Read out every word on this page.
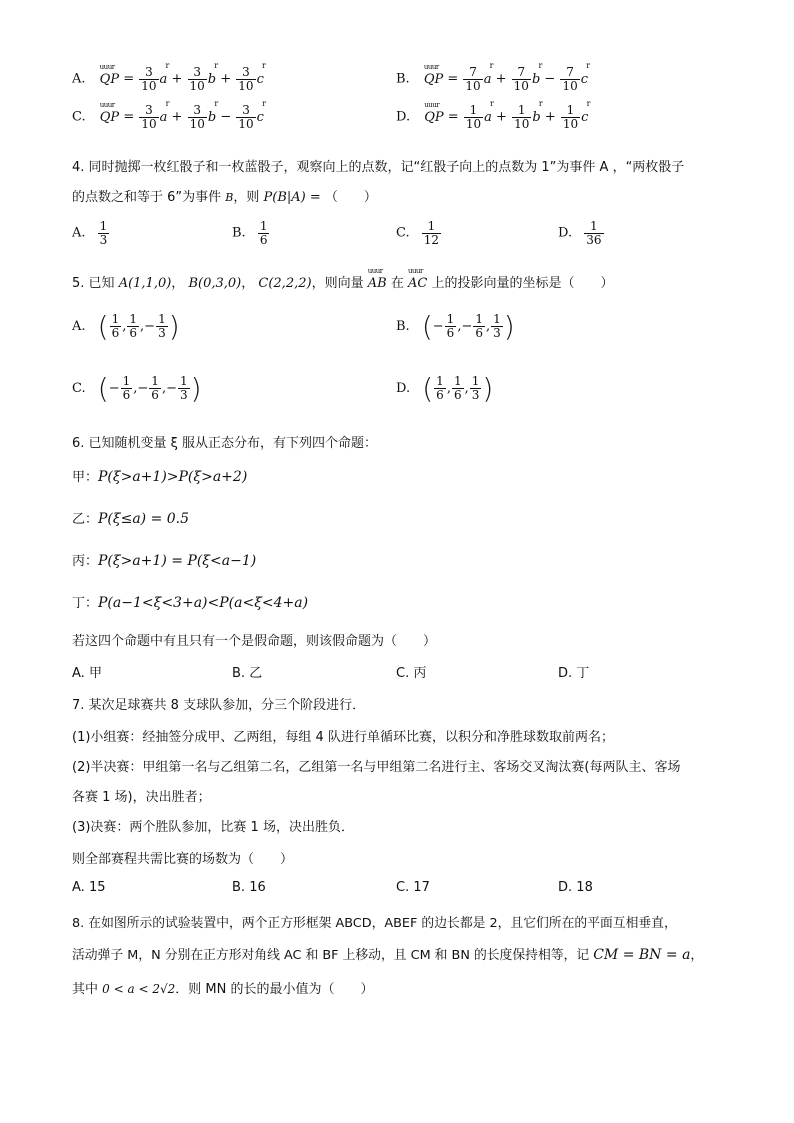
A.
uuur
QP = $\frac{3}{10}$
r
$a + \frac{3}{10}$
r
$b + \frac{3}{10}$
r
c	B.
uuur
QP = $\frac{7}{10}$
r
$a + \frac{7}{10}$
r
$b - \frac{7}{10}$
r
c
C.
uuur
QP = $\frac{3}{10}$
r
$a + \frac{3}{10}$
r
$b - \frac{3}{10}$
r
c	D.
uuur
QP = $\frac{1}{10}$
r
$a + \frac{1}{10}$
r
$b + \frac{1}{10}$
r
c
4. 同时抛掷一枚红骰子和一枚蓝骰子，观察向上的点数，记“红骰子向上的点数为 1”为事件 A ，“两枚骰子
的点数之和等于 6”为事件 B，则 P(B|A) = （　　）
A. $\frac{1}{3}$	B. $\frac{1}{6}$	C. $\frac{1}{12}$	D. $\frac{1}{36}$
5. 已知 A(1,1,0)， B(0,3,0)， C(2,2,2)，则向量
uuur
AB 在
uuur
AC 上的投影向量的坐标是（　　）
A. ( $\frac{1}{6}$ , $\frac{1}{6}$ ,− $\frac{1}{3}$ )	B. (− $\frac{1}{6}$ ,− $\frac{1}{6}$ , $\frac{1}{3}$ )
C. (− $\frac{1}{6}$ ,− $\frac{1}{6}$ ,− $\frac{1}{3}$ )	D. ( $\frac{1}{6}$ , $\frac{1}{6}$ , $\frac{1}{3}$ )
6. 已知随机变量 ξ 服从正态分布，有下列四个命题：
甲：P(ξ>a+1)>P(ξ>a+2)
乙：P(ξ≤a) = 0.5
丙：P(ξ>a+1) = P(ξ<a−1)
丁：P(a−1<ξ<3+a)<P(a<ξ<4+a)
若这四个命题中有且只有一个是假命题，则该假命题为（　　）
A. 甲	B. 乙	C. 丙	D. 丁
7. 某次足球赛共 8 支球队参加，分三个阶段进行．
(1)小组赛：经抽签分成甲、乙两组，每组 4 队进行单循环比赛，以积分和净胜球数取前两名；
(2)半决赛：甲组第一名与乙组第二名，乙组第一名与甲组第二名进行主、客场交叉淘汰赛(每两队主、客场
各赛 1 场)，决出胜者；
(3)决赛：两个胜队参加，比赛 1 场，决出胜负．
则全部赛程共需比赛的场数为（　　）
A. 15	B. 16	C. 17	D. 18
8. 在如图所示的试验装置中，两个正方形框架 ABCD，ABEF 的边长都是 2，且它们所在的平面互相垂直，
活动弹子 M，N 分别在正方形对角线 AC 和 BF 上移动，且 CM 和 BN 的长度保持相等，记 CM = BN = a，
其中 0 < a < 2√2．则 MN 的长的最小值为（　　）
